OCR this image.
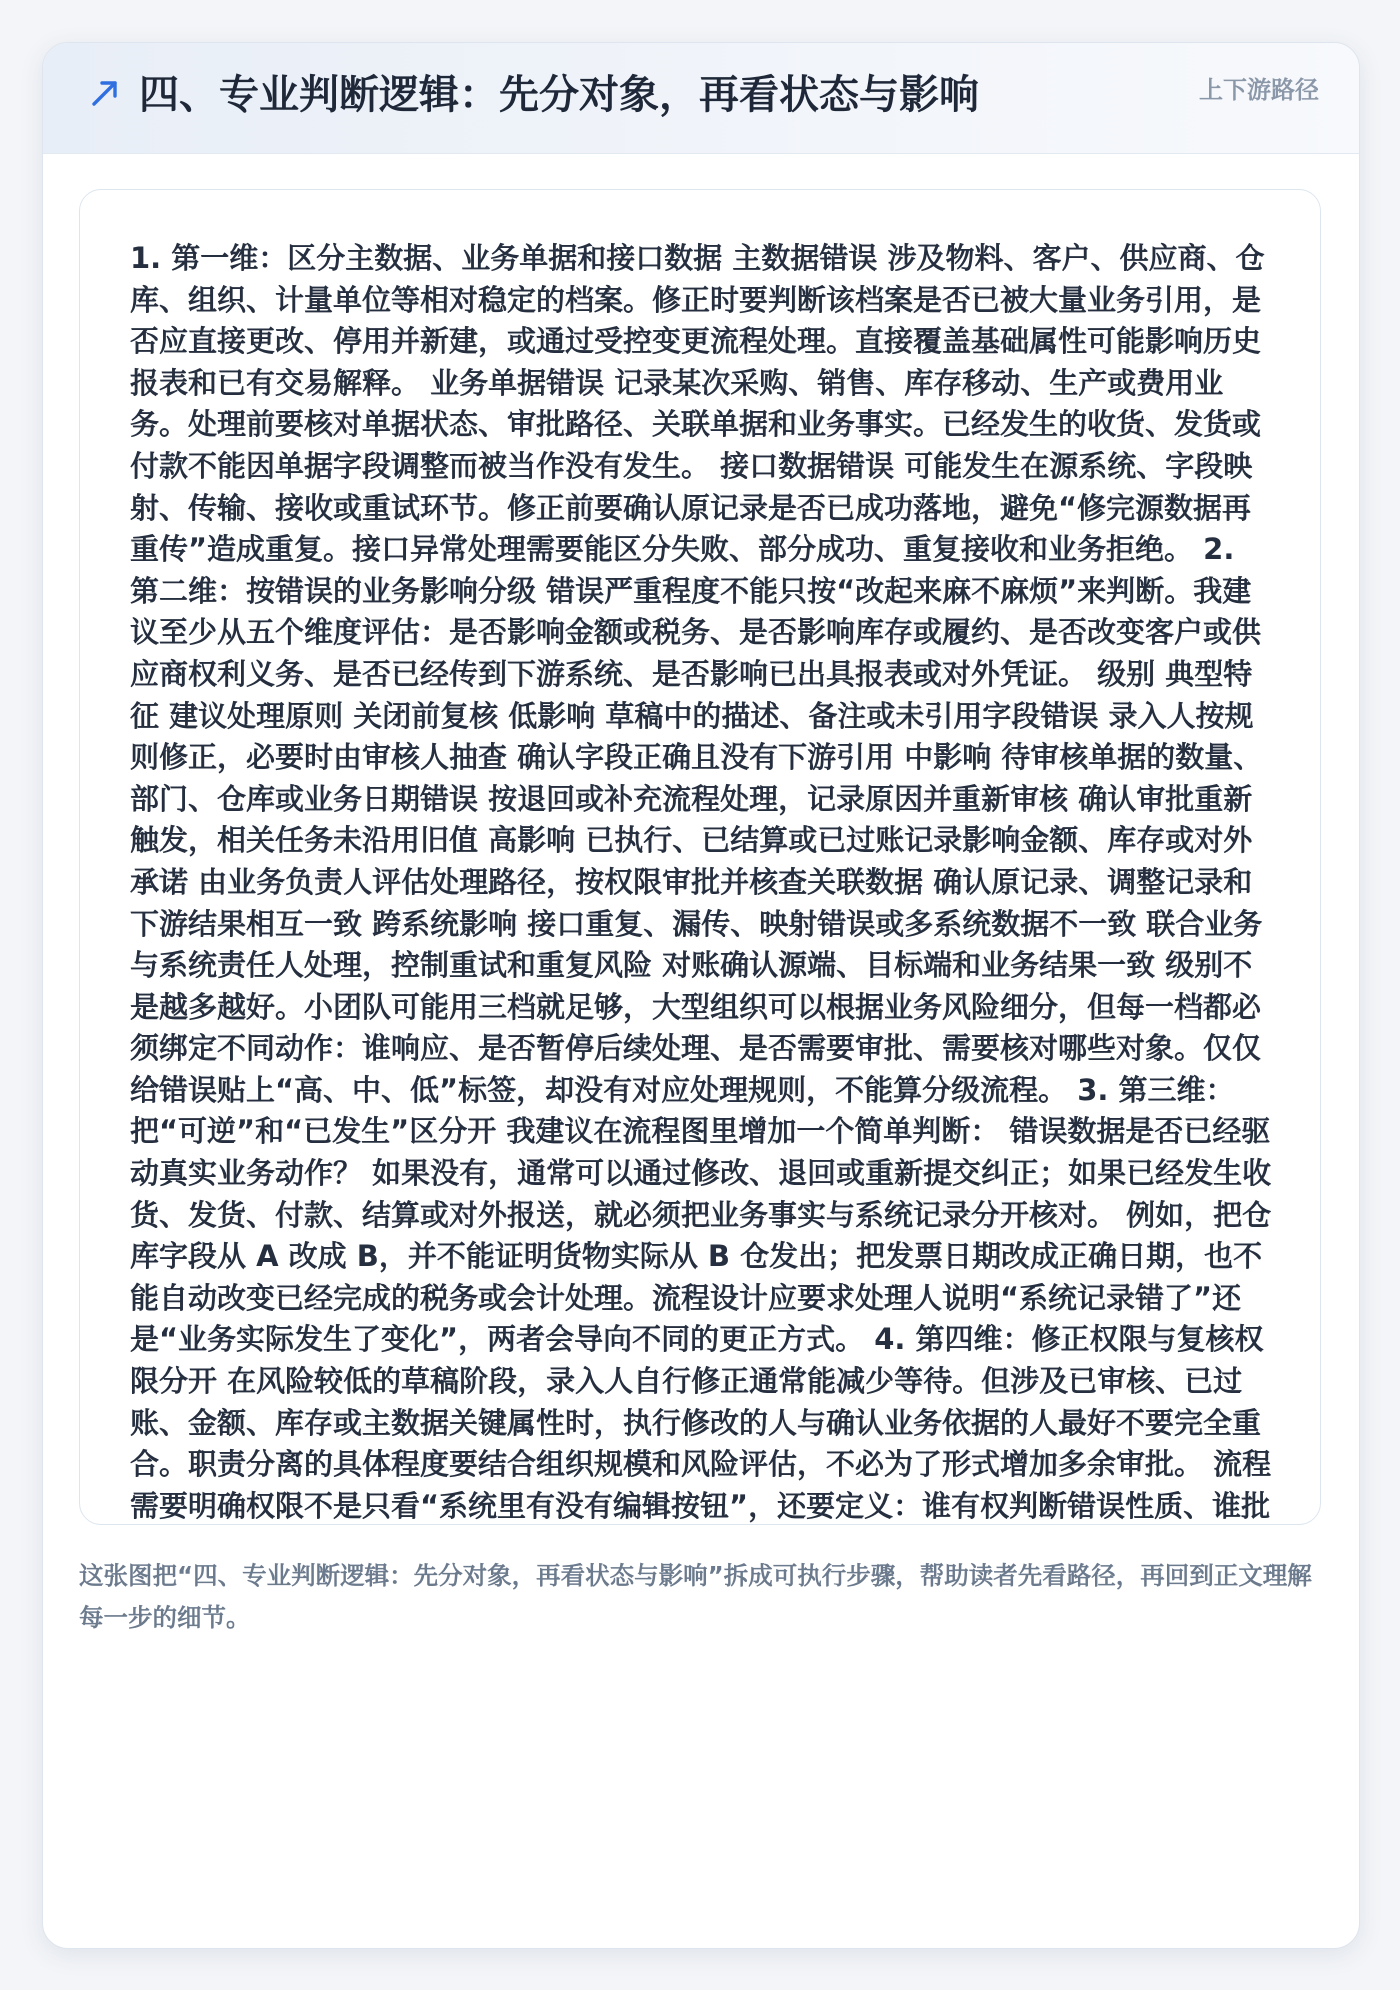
四、专业判断逻辑：先分对象，再看状态与影响	上下游路径

1. 第一维：区分主数据、业务单据和接口数据 主数据错误 涉及物料、客户、供应商、仓库、组织、计量单位等相对稳定的档案。修正时要判断该档案是否已被大量业务引用，是否应直接更改、停用并新建，或通过受控变更流程处理。直接覆盖基础属性可能影响历史报表和已有交易解释。 业务单据错误 记录某次采购、销售、库存移动、生产或费用业务。处理前要核对单据状态、审批路径、关联单据和业务事实。已经发生的收货、发货或付款不能因单据字段调整而被当作没有发生。 接口数据错误 可能发生在源系统、字段映射、传输、接收或重试环节。修正前要确认原记录是否已成功落地，避免“修完源数据再重传”造成重复。接口异常处理需要能区分失败、部分成功、重复接收和业务拒绝。 2. 第二维：按错误的业务影响分级 错误严重程度不能只按“改起来麻不麻烦”来判断。我建议至少从五个维度评估：是否影响金额或税务、是否影响库存或履约、是否改变客户或供应商权利义务、是否已经传到下游系统、是否影响已出具报表或对外凭证。 级别 典型特征 建议处理原则 关闭前复核 低影响 草稿中的描述、备注或未引用字段错误 录入人按规则修正，必要时由审核人抽查 确认字段正确且没有下游引用 中影响 待审核单据的数量、部门、仓库或业务日期错误 按退回或补充流程处理，记录原因并重新审核 确认审批重新触发，相关任务未沿用旧值 高影响 已执行、已结算或已过账记录影响金额、库存或对外承诺 由业务负责人评估处理路径，按权限审批并核查关联数据 确认原记录、调整记录和下游结果相互一致 跨系统影响 接口重复、漏传、映射错误或多系统数据不一致 联合业务与系统责任人处理，控制重试和重复风险 对账确认源端、目标端和业务结果一致 级别不是越多越好。小团队可能用三档就足够，大型组织可以根据业务风险细分，但每一档都必须绑定不同动作：谁响应、是否暂停后续处理、是否需要审批、需要核对哪些对象。仅仅给错误贴上“高、中、低”标签，却没有对应处理规则，不能算分级流程。 3. 第三维：把“可逆”和“已发生”区分开 我建议在流程图里增加一个简单判断： 错误数据是否已经驱动真实业务动作？ 如果没有，通常可以通过修改、退回或重新提交纠正；如果已经发生收货、发货、付款、结算或对外报送，就必须把业务事实与系统记录分开核对。 例如，把仓库字段从 A 改成 B，并不能证明货物实际从 B 仓发出；把发票日期改成正确日期，也不能自动改变已经完成的税务或会计处理。流程设计应要求处理人说明“系统记录错了”还是“业务实际发生了变化”，两者会导向不同的更正方式。 4. 第四维：修正权限与复核权限分开 在风险较低的草稿阶段，录入人自行修正通常能减少等待。但涉及已审核、已过账、金额、库存或主数据关键属性时，执行修改的人与确认业务依据的人最好不要完全重合。职责分离的具体程度要结合组织规模和风险评估，不必为了形式增加多余审批。 流程需要明确权限不是只看“系统里有没有编辑按钮”，还要定义：谁有权判断错误性质、谁批

这张图把“四、专业判断逻辑：先分对象，再看状态与影响”拆成可执行步骤，帮助读者先看路径，再回到正文理解每一步的细节。
